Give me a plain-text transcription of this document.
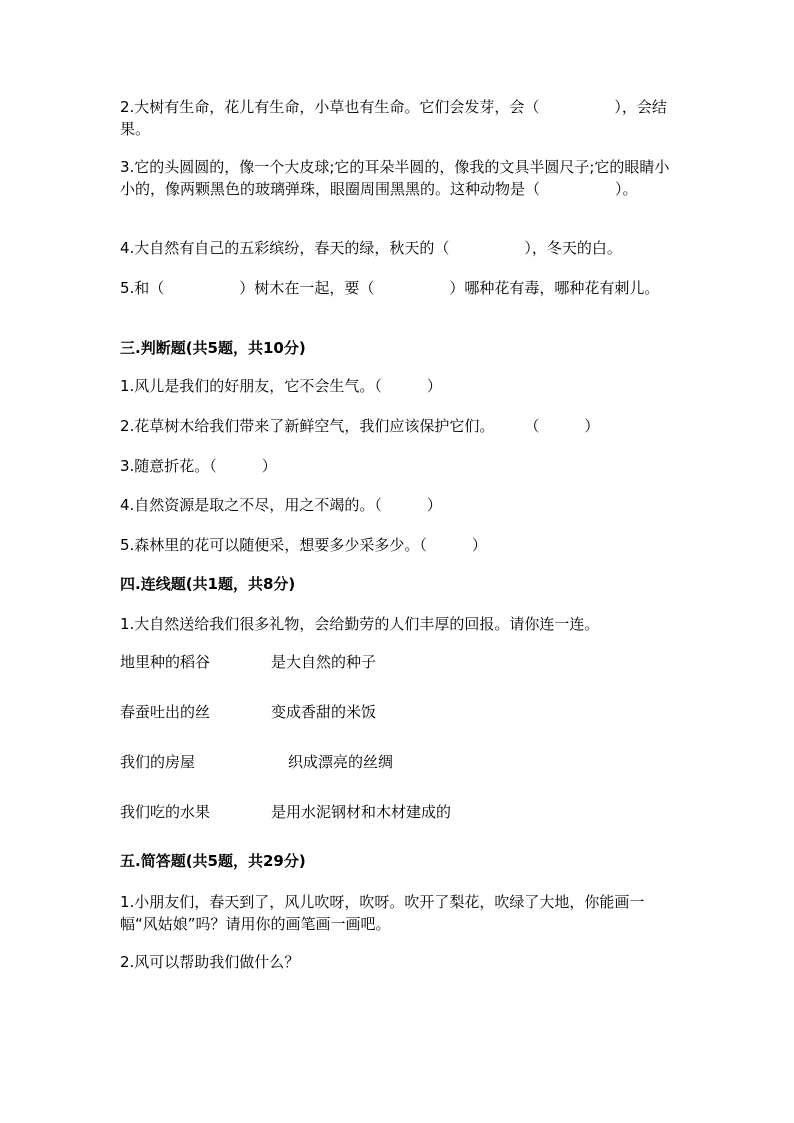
2.大树有生命，花儿有生命，小草也有生命。它们会发芽，会（　　　　　），会结果。
3.它的头圆圆的，像一个大皮球;它的耳朵半圆的，像我的文具半圆尺子;它的眼睛小小的，像两颗黑色的玻璃弹珠，眼圈周围黑黑的。这种动物是（　　　　　）。
4.大自然有自己的五彩缤纷，春天的绿，秋天的（　　　　　），冬天的白。
5.和（　　　　　）树木在一起，要（　　　　　）哪种花有毒，哪种花有刺儿。
三.判断题(共5题，共10分)
1.风儿是我们的好朋友，它不会生气。（　　　）
2.花草树木给我们带来了新鲜空气，我们应该保护它们。　　　（　　　）
3.随意折花。（　　　）
4.自然资源是取之不尽，用之不竭的。（　　　）
5.森林里的花可以随便采，想要多少采多少。（　　　）
四.连线题(共1题，共8分)
1.大自然送给我们很多礼物，会给勤劳的人们丰厚的回报。请你连一连。
地里种的稻谷	是大自然的种子
春蚕吐出的丝	变成香甜的米饭
我们的房屋	织成漂亮的丝绸
我们吃的水果	是用水泥钢材和木材建成的
五.简答题(共5题，共29分)
1.小朋友们，春天到了，风儿吹呀，吹呀。吹开了梨花，吹绿了大地，你能画一幅“风姑娘”吗？请用你的画笔画一画吧。
2.风可以帮助我们做什么？
